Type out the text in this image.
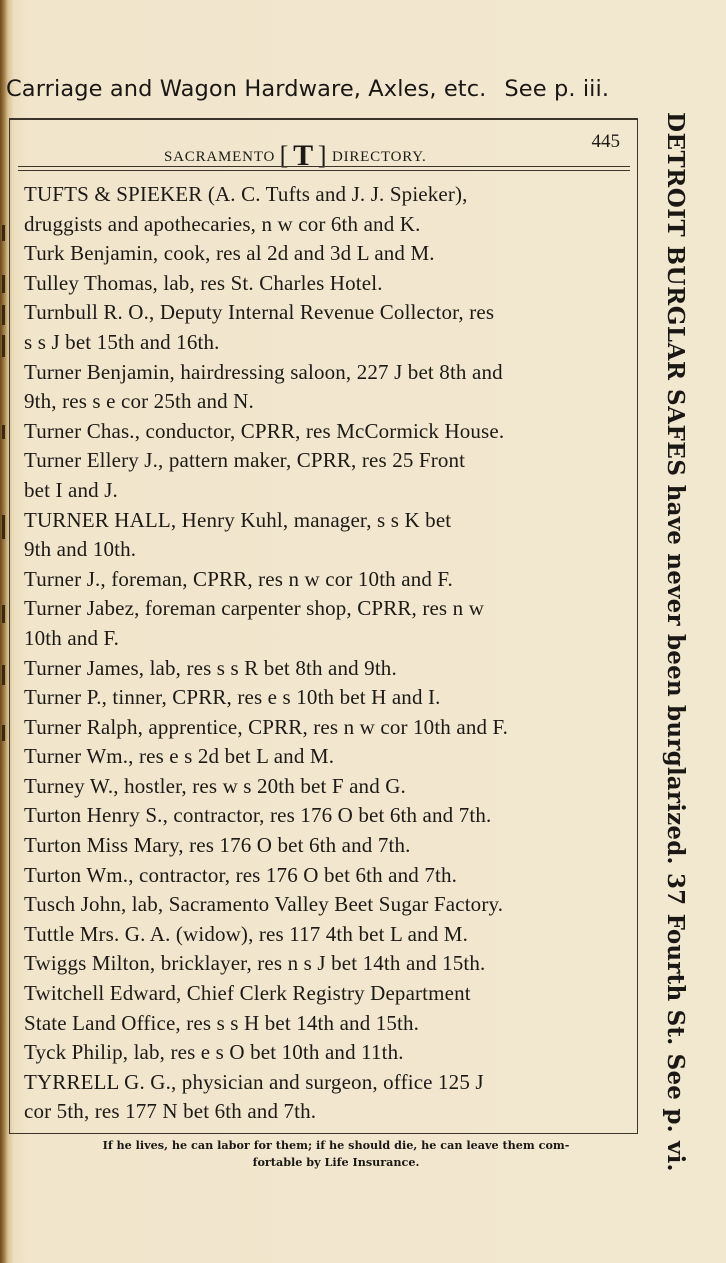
Carriage and Wagon Hardware, Axles, etc. See p. iii.
SACRAMENTO [ T ] DIRECTORY.
445
TUFTS & SPIEKER (A. C. Tufts and J. J. Spieker),
druggists and apothecaries, n w cor 6th and K.
Turk Benjamin, cook, res al 2d and 3d L and M.
Tulley Thomas, lab, res St. Charles Hotel.
Turnbull R. O., Deputy Internal Revenue Collector, res
s s J bet 15th and 16th.
Turner Benjamin, hairdressing saloon, 227 J bet 8th and
9th, res s e cor 25th and N.
Turner Chas., conductor, CPRR, res McCormick House.
Turner Ellery J., pattern maker, CPRR, res 25 Front
bet I and J.
TURNER HALL, Henry Kuhl, manager, s s K bet
9th and 10th.
Turner J., foreman, CPRR, res n w cor 10th and F.
Turner Jabez, foreman carpenter shop, CPRR, res n w
10th and F.
Turner James, lab, res s s R bet 8th and 9th.
Turner P., tinner, CPRR, res e s 10th bet H and I.
Turner Ralph, apprentice, CPRR, res n w cor 10th and F.
Turner Wm., res e s 2d bet L and M.
Turney W., hostler, res w s 20th bet F and G.
Turton Henry S., contractor, res 176 O bet 6th and 7th.
Turton Miss Mary, res 176 O bet 6th and 7th.
Turton Wm., contractor, res 176 O bet 6th and 7th.
Tusch John, lab, Sacramento Valley Beet Sugar Factory.
Tuttle Mrs. G. A. (widow), res 117 4th bet L and M.
Twiggs Milton, bricklayer, res n s J bet 14th and 15th.
Twitchell Edward, Chief Clerk Registry Department
State Land Office, res s s H bet 14th and 15th.
Tyck Philip, lab, res e s O bet 10th and 11th.
TYRRELL G. G., physician and surgeon, office 125 J
cor 5th, res 177 N bet 6th and 7th.
DETROIT BURGLAR SAFES have never been burglarized. 37 Fourth St. See p. vi.
If he lives, he can labor for them; if he should die, he can leave them com-
fortable by Life Insurance.
